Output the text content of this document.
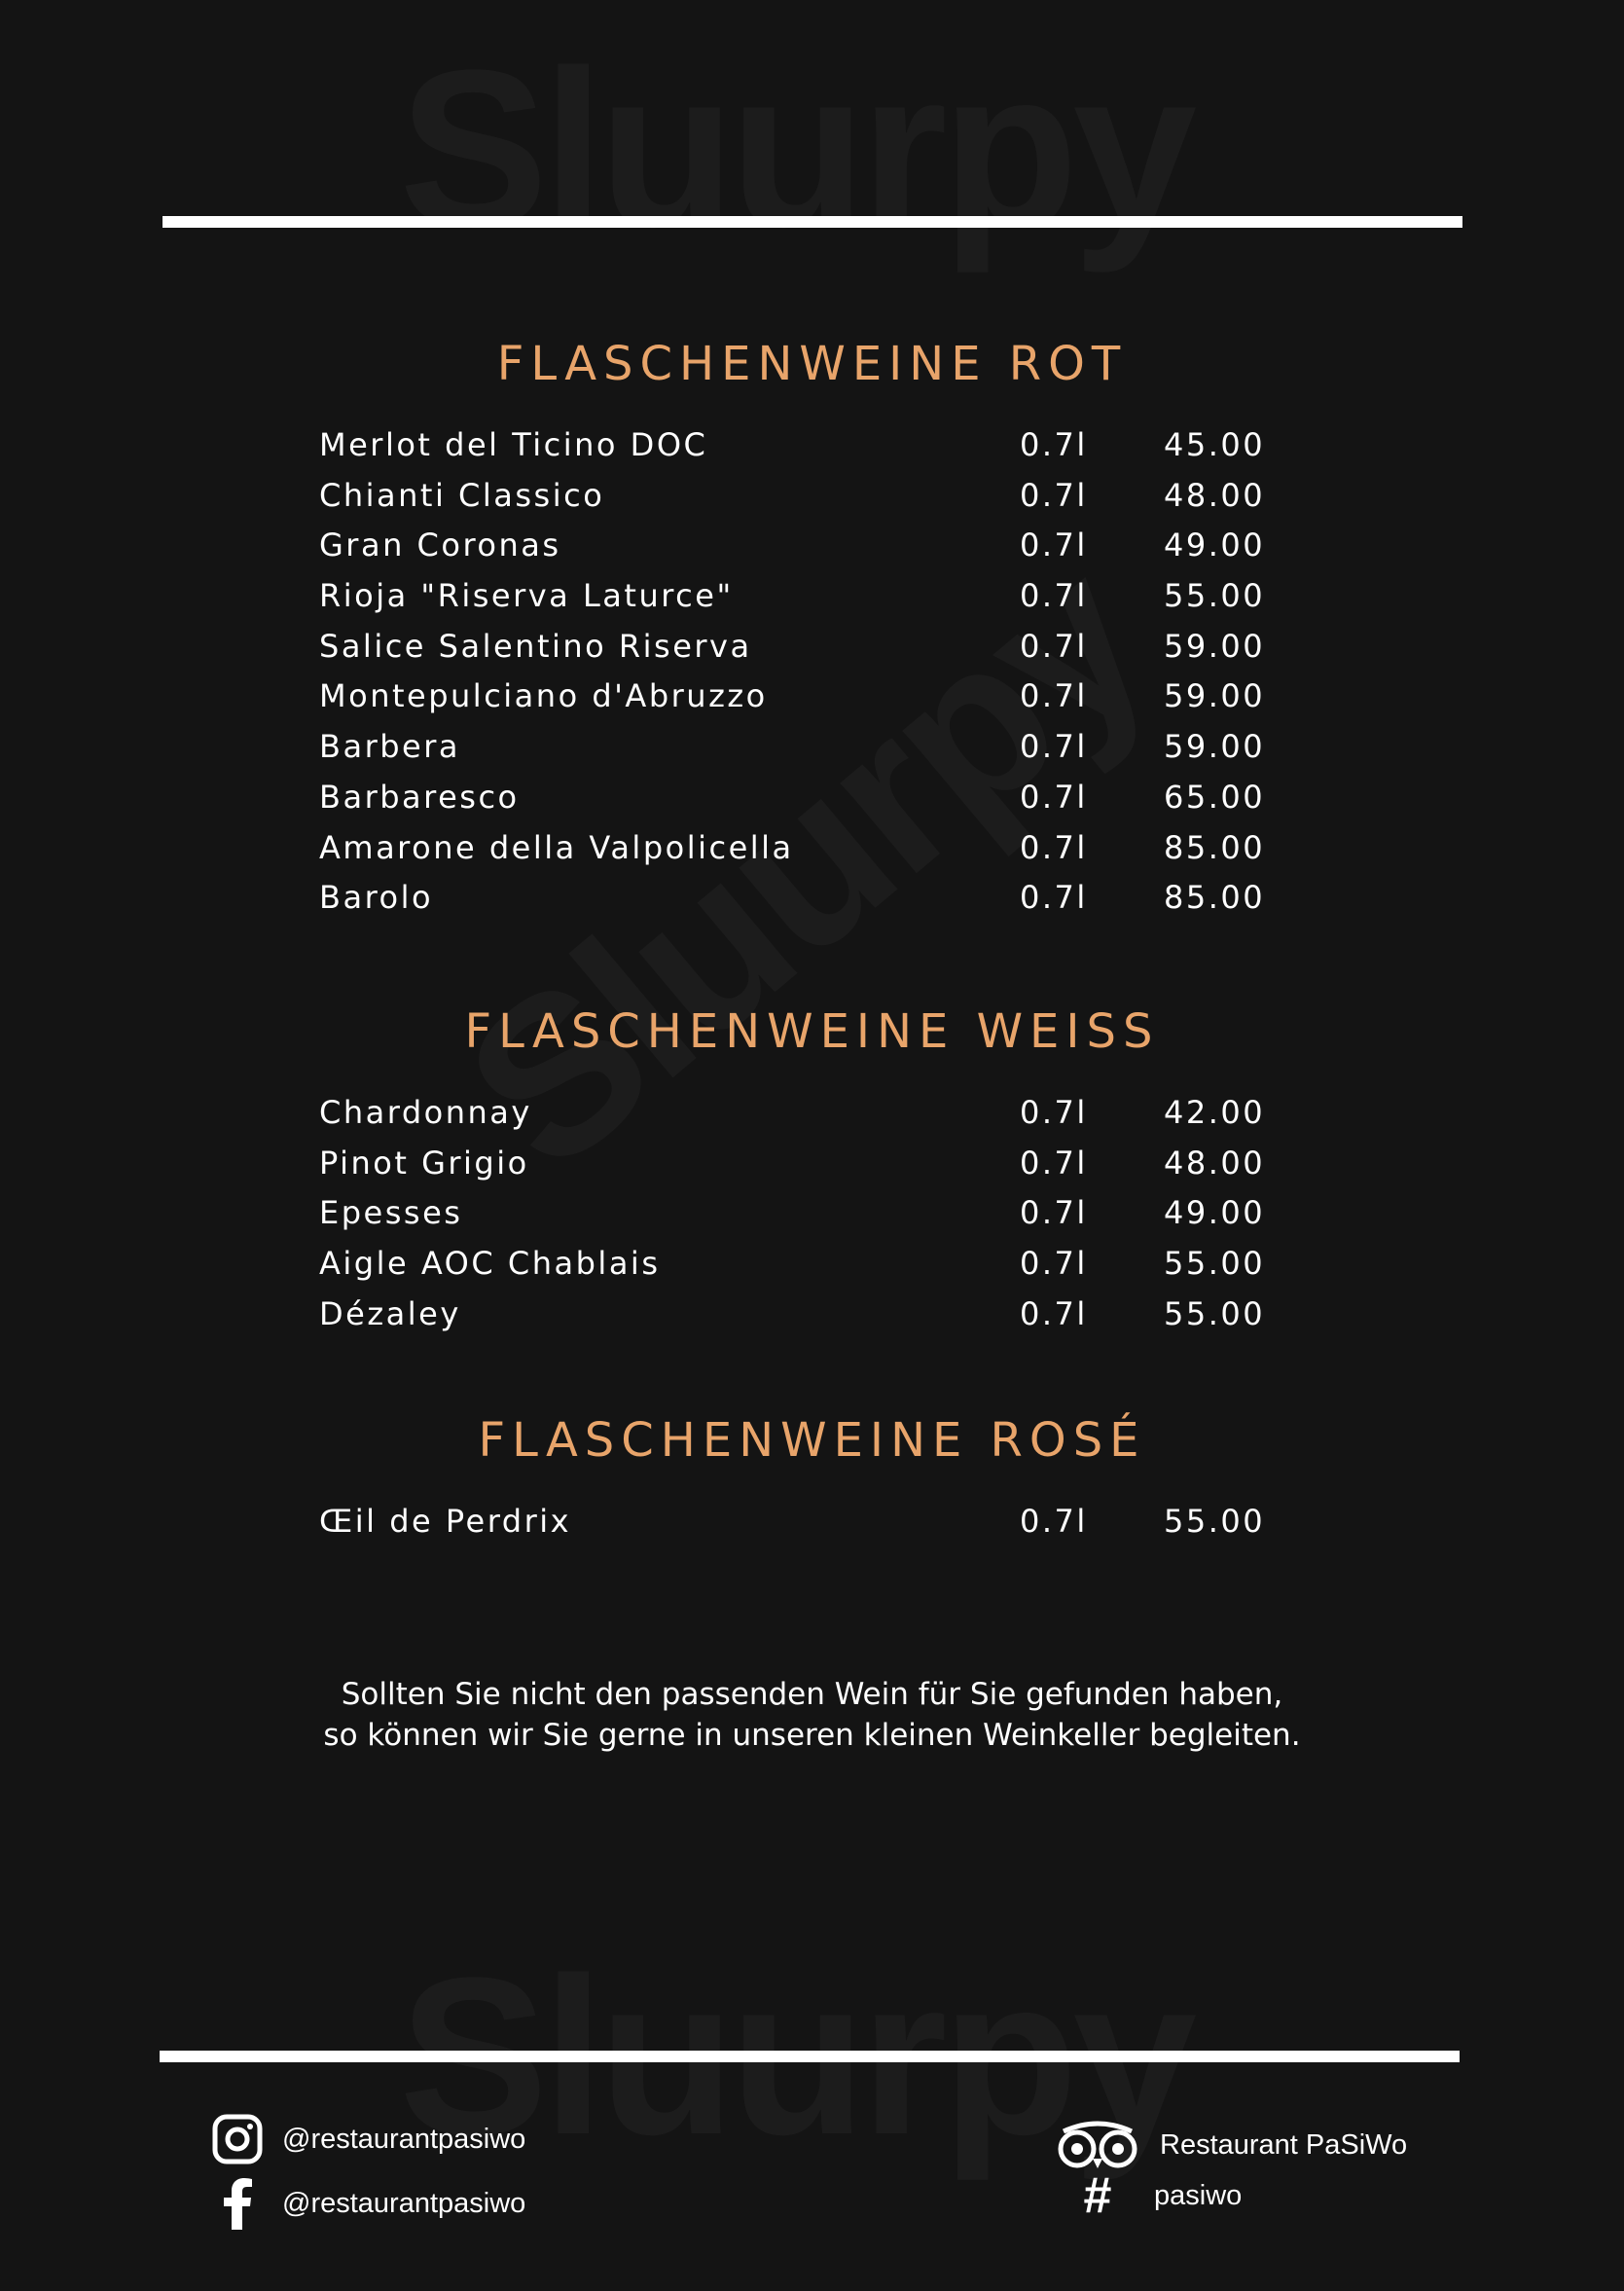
FLASCHENWEINE ROT
Merlot del Ticino DOC	0.7l 45.00
Chianti Classico	0.7l 48.00
Gran Coronas	0.7l 49.00
Rioja "Riserva Laturce"	0.7l 55.00
Salice Salentino Riserva	0.7l 59.00
Montepulciano d'Abruzzo	0.7l 59.00
Barbera	0.7l 59.00
Barbaresco	0.7l 65.00
Amarone della Valpolicella	0.7l 85.00
Barolo	0.7l 85.00
FLASCHENWEINE WEISS
Chardonnay	0.7l 42.00
Pinot Grigio	0.7l 48.00
Epesses	0.7l 49.00
Aigle AOC Chablais	0.7l 55.00
Dézaley	0.7l 55.00
FLASCHENWEINE ROSÉ
Œil de Perdrix	0.7l 55.00

Sollten Sie nicht den passenden Wein für Sie gefunden haben,
so können wir Sie gerne in unseren kleinen Weinkeller begleiten.

@restaurantpasiwo
@restaurantpasiwo
Restaurant PaSiWo
#	pasiwo
